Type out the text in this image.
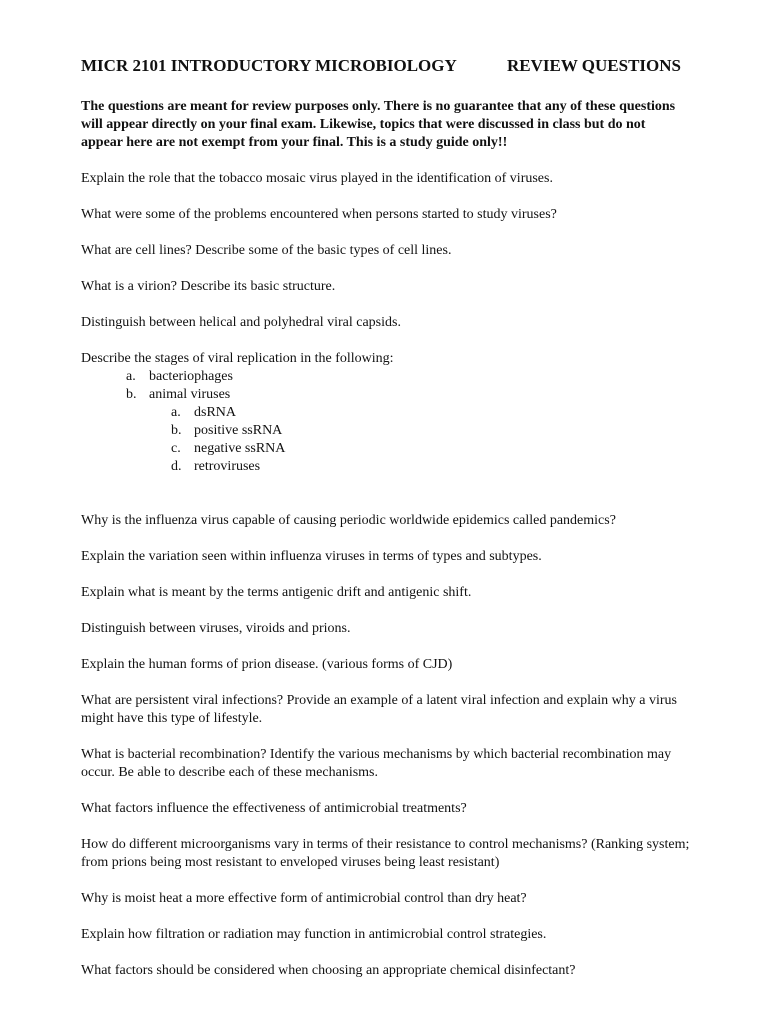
MICR 2101 INTRODUCTORY MICROBIOLOGY	REVIEW QUESTIONS

The questions are meant for review purposes only. There is no guarantee that any of these questions will appear directly on your final exam. Likewise, topics that were discussed in class but do not appear here are not exempt from your final. This is a study guide only!!

Explain the role that the tobacco mosaic virus played in the identification of viruses.

What were some of the problems encountered when persons started to study viruses?

What are cell lines? Describe some of the basic types of cell lines.

What is a virion? Describe its basic structure.

Distinguish between helical and polyhedral viral capsids.

Describe the stages of viral replication in the following:

a. bacteriophages
b. animal viruses
a. dsRNA
b. positive ssRNA
c. negative ssRNA
d. retroviruses

Why is the influenza virus capable of causing periodic worldwide epidemics called pandemics?

Explain the variation seen within influenza viruses in terms of types and subtypes.

Explain what is meant by the terms antigenic drift and antigenic shift.

Distinguish between viruses, viroids and prions.

Explain the human forms of prion disease. (various forms of CJD)

What are persistent viral infections? Provide an example of a latent viral infection and explain why a virus might have this type of lifestyle.

What is bacterial recombination? Identify the various mechanisms by which bacterial recombination may occur. Be able to describe each of these mechanisms.

What factors influence the effectiveness of antimicrobial treatments?

How do different microorganisms vary in terms of their resistance to control mechanisms? (Ranking system; from prions being most resistant to enveloped viruses being least resistant)

Why is moist heat a more effective form of antimicrobial control than dry heat?

Explain how filtration or radiation may function in antimicrobial control strategies.

What factors should be considered when choosing an appropriate chemical disinfectant?
